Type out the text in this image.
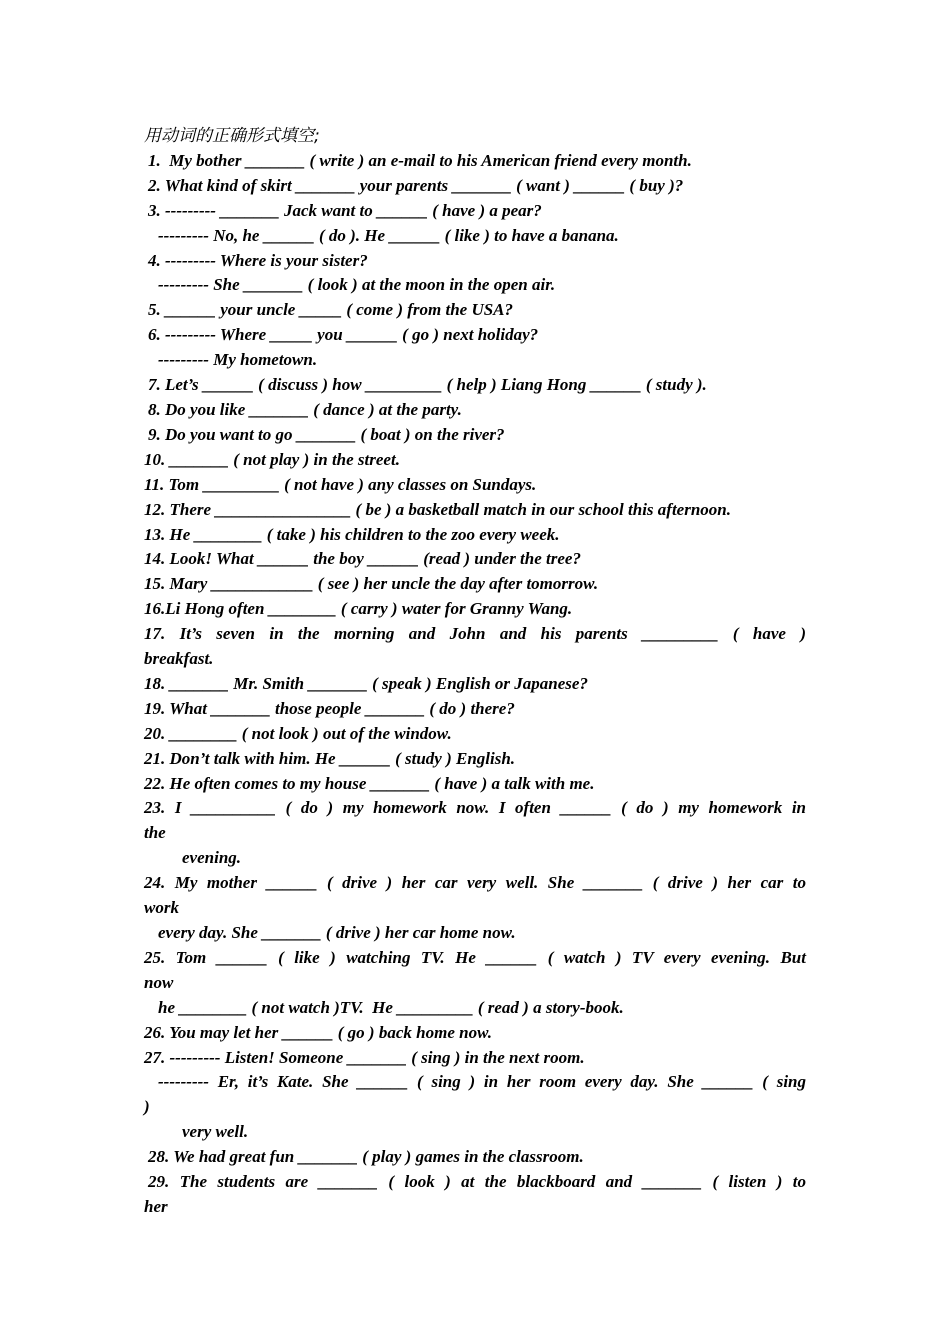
用动词的正确形式填空;
1.  My bother _______ ( write ) an e-mail to his American friend every month.
2. What kind of skirt _______ your parents _______ ( want ) ______ ( buy )?
3. --------- _______ Jack want to ______ ( have ) a pear?
--------- No, he ______ ( do ). He ______ ( like ) to have a banana.
4. --------- Where is your sister?
--------- She _______ ( look ) at the moon in the open air.
5. ______ your uncle _____ ( come ) from the USA?
6. --------- Where _____ you ______ ( go ) next holiday?
--------- My hometown.
7. Let’s ______ ( discuss ) how _________ ( help ) Liang Hong ______ ( study ).
8. Do you like _______ ( dance ) at the party.
9. Do you want to go _______ ( boat ) on the river?
10. _______ ( not play ) in the street.
11. Tom _________ ( not have ) any classes on Sundays.
12. There ________________ ( be ) a basketball match in our school this afternoon.
13. He ________ ( take ) his children to the zoo every week.
14. Look! What ______ the boy ______ (read ) under the tree?
15. Mary ____________ ( see ) her uncle the day after tomorrow.
16.Li Hong often ________ ( carry ) water for Granny Wang.
17. It’s seven in the morning and John and his parents _________ ( have )
breakfast.
18. _______ Mr. Smith _______ ( speak ) English or Japanese?
19. What _______ those people _______ ( do ) there?
20. ________ ( not look ) out of the window.
21. Don’t talk with him. He ______ ( study ) English.
22. He often comes to my house _______ ( have ) a talk with me.
23. I __________ ( do ) my homework now. I often ______ ( do ) my homework in
the
evening.
24. My mother ______ ( drive ) her car very well. She _______ ( drive ) her car to
work
every day. She _______ ( drive ) her car home now.
25. Tom ______ ( like ) watching TV. He ______ ( watch ) TV every evening. But
now
he ________ ( not watch )TV.  He _________ ( read ) a story-book.
26. You may let her ______ ( go ) back home now.
27. --------- Listen! Someone _______ ( sing ) in the next room.
--------- Er, it’s Kate. She ______ ( sing ) in her room every day. She ______ ( sing
)
very well.
28. We had great fun _______ ( play ) games in the classroom.
29. The students are _______ ( look ) at the blackboard and _______ ( listen ) to
her
